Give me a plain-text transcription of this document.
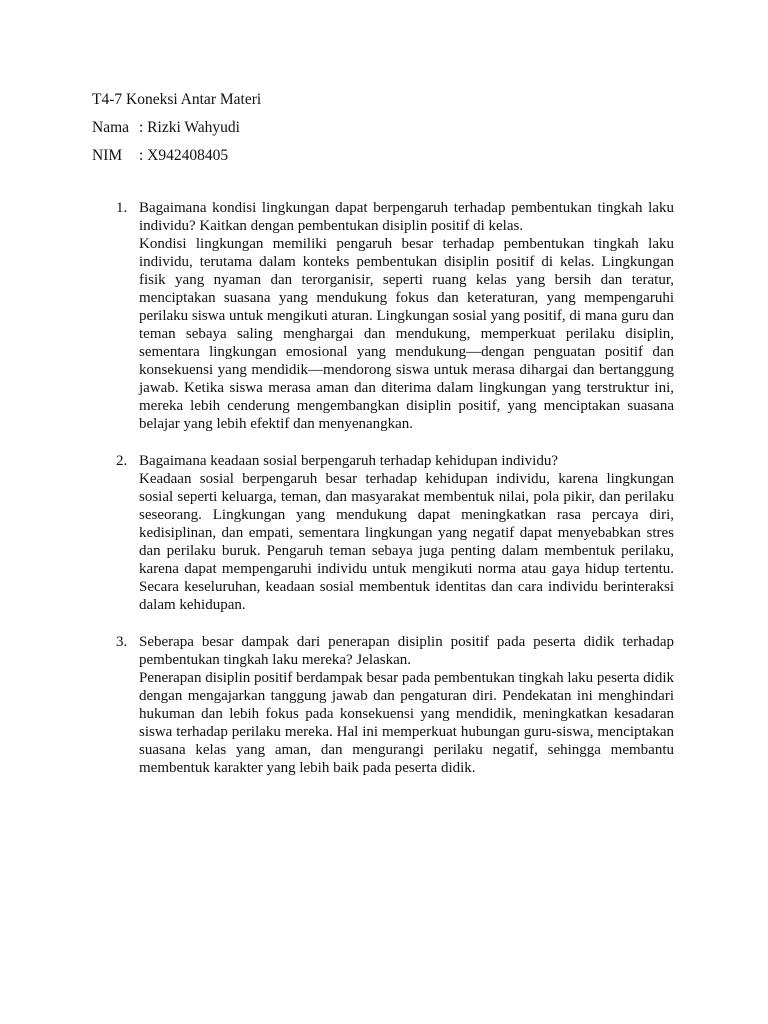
T4-7 Koneksi Antar Materi
Nama : Rizki Wahyudi
NIM : X942408405
1. Bagaimana kondisi lingkungan dapat berpengaruh terhadap pembentukan tingkah laku individu? Kaitkan dengan pembentukan disiplin positif di kelas.

Kondisi lingkungan memiliki pengaruh besar terhadap pembentukan tingkah laku individu, terutama dalam konteks pembentukan disiplin positif di kelas. Lingkungan fisik yang nyaman dan terorganisir, seperti ruang kelas yang bersih dan teratur, menciptakan suasana yang mendukung fokus dan keteraturan, yang mempengaruhi perilaku siswa untuk mengikuti aturan. Lingkungan sosial yang positif, di mana guru dan teman sebaya saling menghargai dan mendukung, memperkuat perilaku disiplin, sementara lingkungan emosional yang mendukung—dengan penguatan positif dan konsekuensi yang mendidik—mendorong siswa untuk merasa dihargai dan bertanggung jawab. Ketika siswa merasa aman dan diterima dalam lingkungan yang terstruktur ini, mereka lebih cenderung mengembangkan disiplin positif, yang menciptakan suasana belajar yang lebih efektif dan menyenangkan.

2. Bagaimana keadaan sosial berpengaruh terhadap kehidupan individu?

Keadaan sosial berpengaruh besar terhadap kehidupan individu, karena lingkungan sosial seperti keluarga, teman, dan masyarakat membentuk nilai, pola pikir, dan perilaku seseorang. Lingkungan yang mendukung dapat meningkatkan rasa percaya diri, kedisiplinan, dan empati, sementara lingkungan yang negatif dapat menyebabkan stres dan perilaku buruk. Pengaruh teman sebaya juga penting dalam membentuk perilaku, karena dapat mempengaruhi individu untuk mengikuti norma atau gaya hidup tertentu. Secara keseluruhan, keadaan sosial membentuk identitas dan cara individu berinteraksi dalam kehidupan.

3. Seberapa besar dampak dari penerapan disiplin positif pada peserta didik terhadap pembentukan tingkah laku mereka? Jelaskan.

Penerapan disiplin positif berdampak besar pada pembentukan tingkah laku peserta didik dengan mengajarkan tanggung jawab dan pengaturan diri. Pendekatan ini menghindari hukuman dan lebih fokus pada konsekuensi yang mendidik, meningkatkan kesadaran siswa terhadap perilaku mereka. Hal ini memperkuat hubungan guru-siswa, menciptakan suasana kelas yang aman, dan mengurangi perilaku negatif, sehingga membantu membentuk karakter yang lebih baik pada peserta didik.
